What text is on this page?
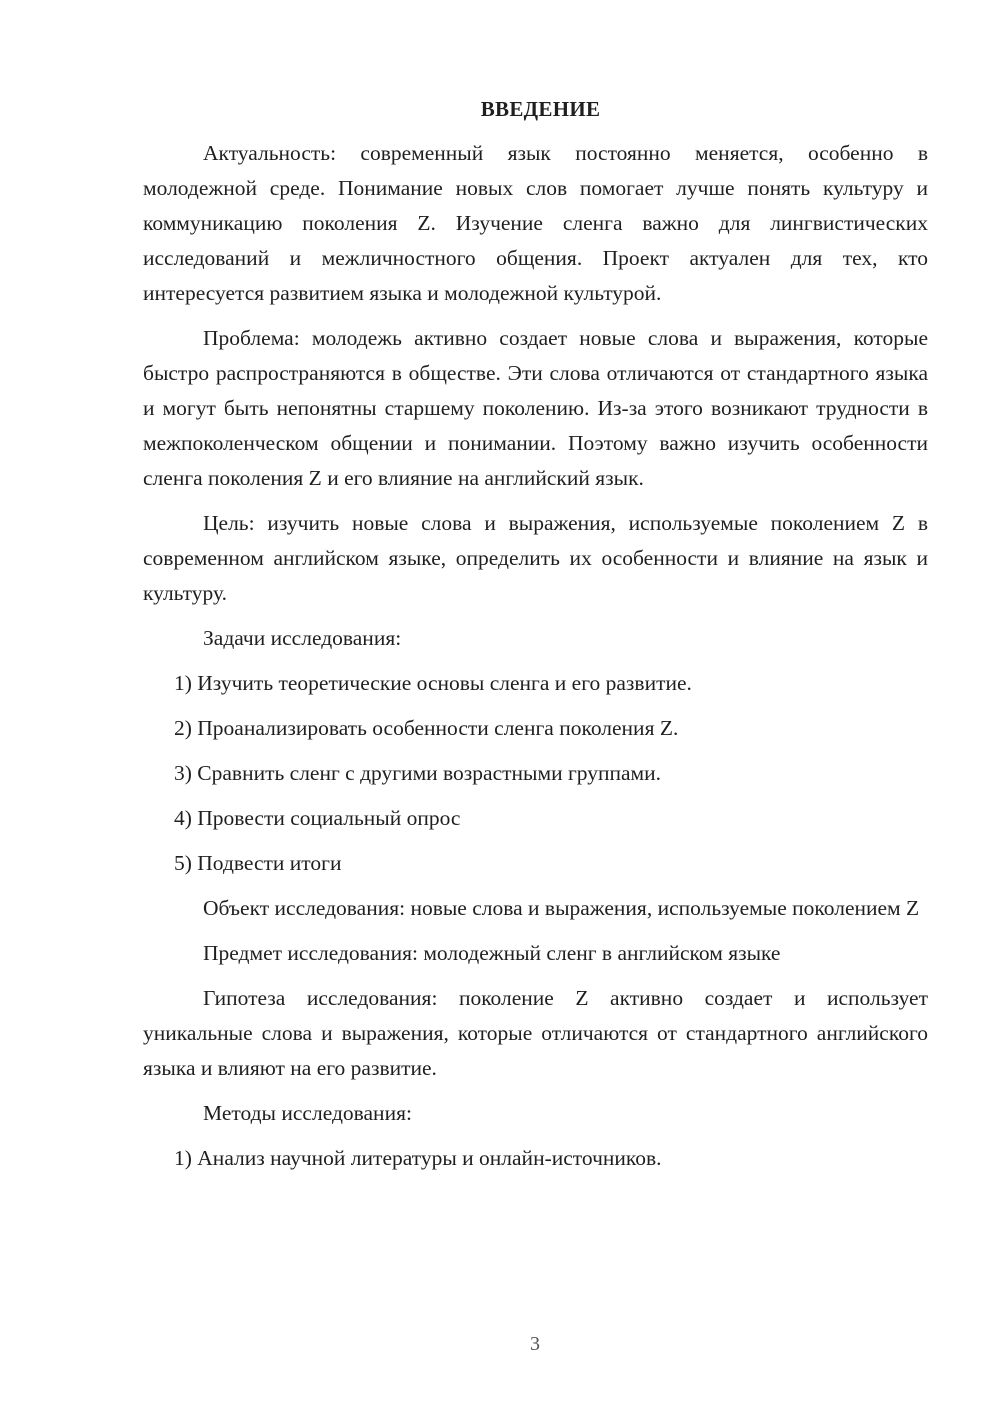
ВВЕДЕНИЕ

Актуальность: современный язык постоянно меняется, особенно в молодежной среде. Понимание новых слов помогает лучше понять культуру и коммуникацию поколения Z. Изучение сленга важно для лингвистических исследований и межличностного общения. Проект актуален для тех, кто интересуется развитием языка и молодежной культурой.

Проблема: молодежь активно создает новые слова и выражения, которые быстро распространяются в обществе. Эти слова отличаются от стандартного языка и могут быть непонятны старшему поколению. Из-за этого возникают трудности в межпоколенческом общении и понимании. Поэтому важно изучить особенности сленга поколения Z и его влияние на английский язык.

Цель: изучить новые слова и выражения, используемые поколением Z в современном английском языке, определить их особенности и влияние на язык и культуру.

Задачи исследования:

1) Изучить теоретические основы сленга и его развитие.

2) Проанализировать особенности сленга поколения Z.

3) Сравнить сленг с другими возрастными группами.

4) Провести социальный опрос

5) Подвести итоги

Объект исследования: новые слова и выражения, используемые поколением Z

Предмет исследования: молодежный сленг в английском языке

Гипотеза исследования: поколение Z активно создает и использует уникальные слова и выражения, которые отличаются от стандартного английского языка и влияют на его развитие.

Методы исследования:

1) Анализ научной литературы и онлайн-источников.

3
